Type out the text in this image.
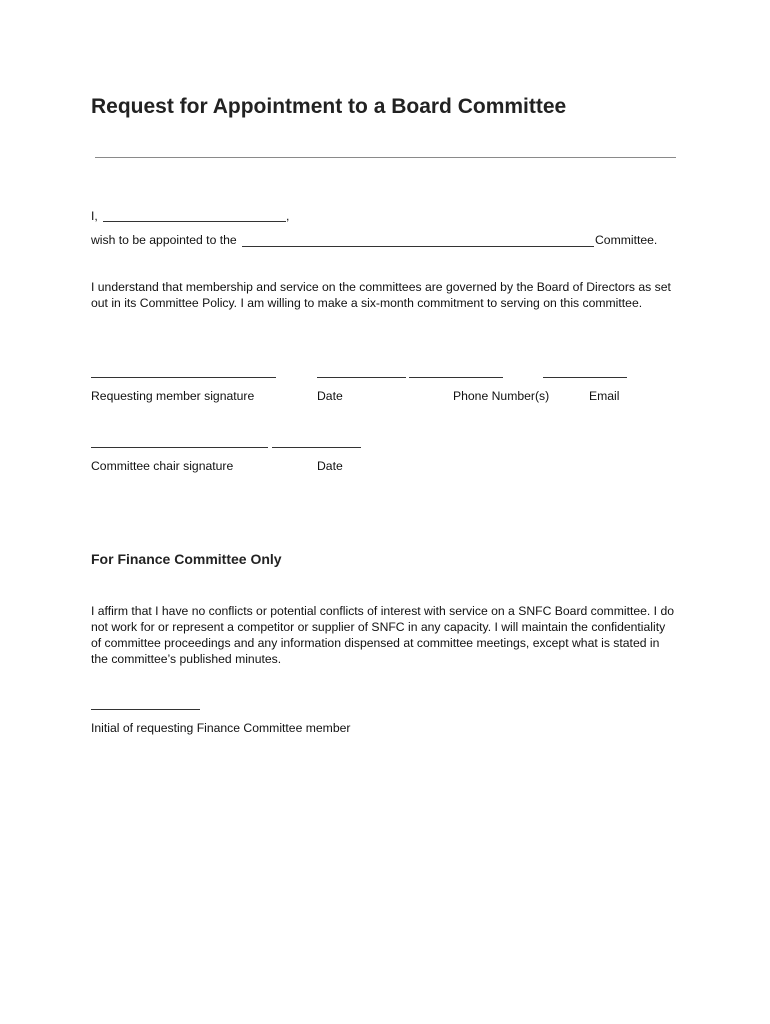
Request for Appointment to a Board Committee
I,	,
wish to be appointed to the	Committee.
I understand that membership and service on the committees are governed by the Board of Directors as set
out in its Committee Policy. I am willing to make a six-month commitment to serving on this committee.
Requesting member signature	Date	Phone Number(s)	Email
Committee chair signature	Date
For Finance Committee Only
I affirm that I have no conflicts or potential conflicts of interest with service on a SNFC Board committee. I do
not work for or represent a competitor or supplier of SNFC in any capacity. I will maintain the confidentiality
of committee proceedings and any information dispensed at committee meetings, except what is stated in
the committee’s published minutes.
Initial of requesting Finance Committee member
